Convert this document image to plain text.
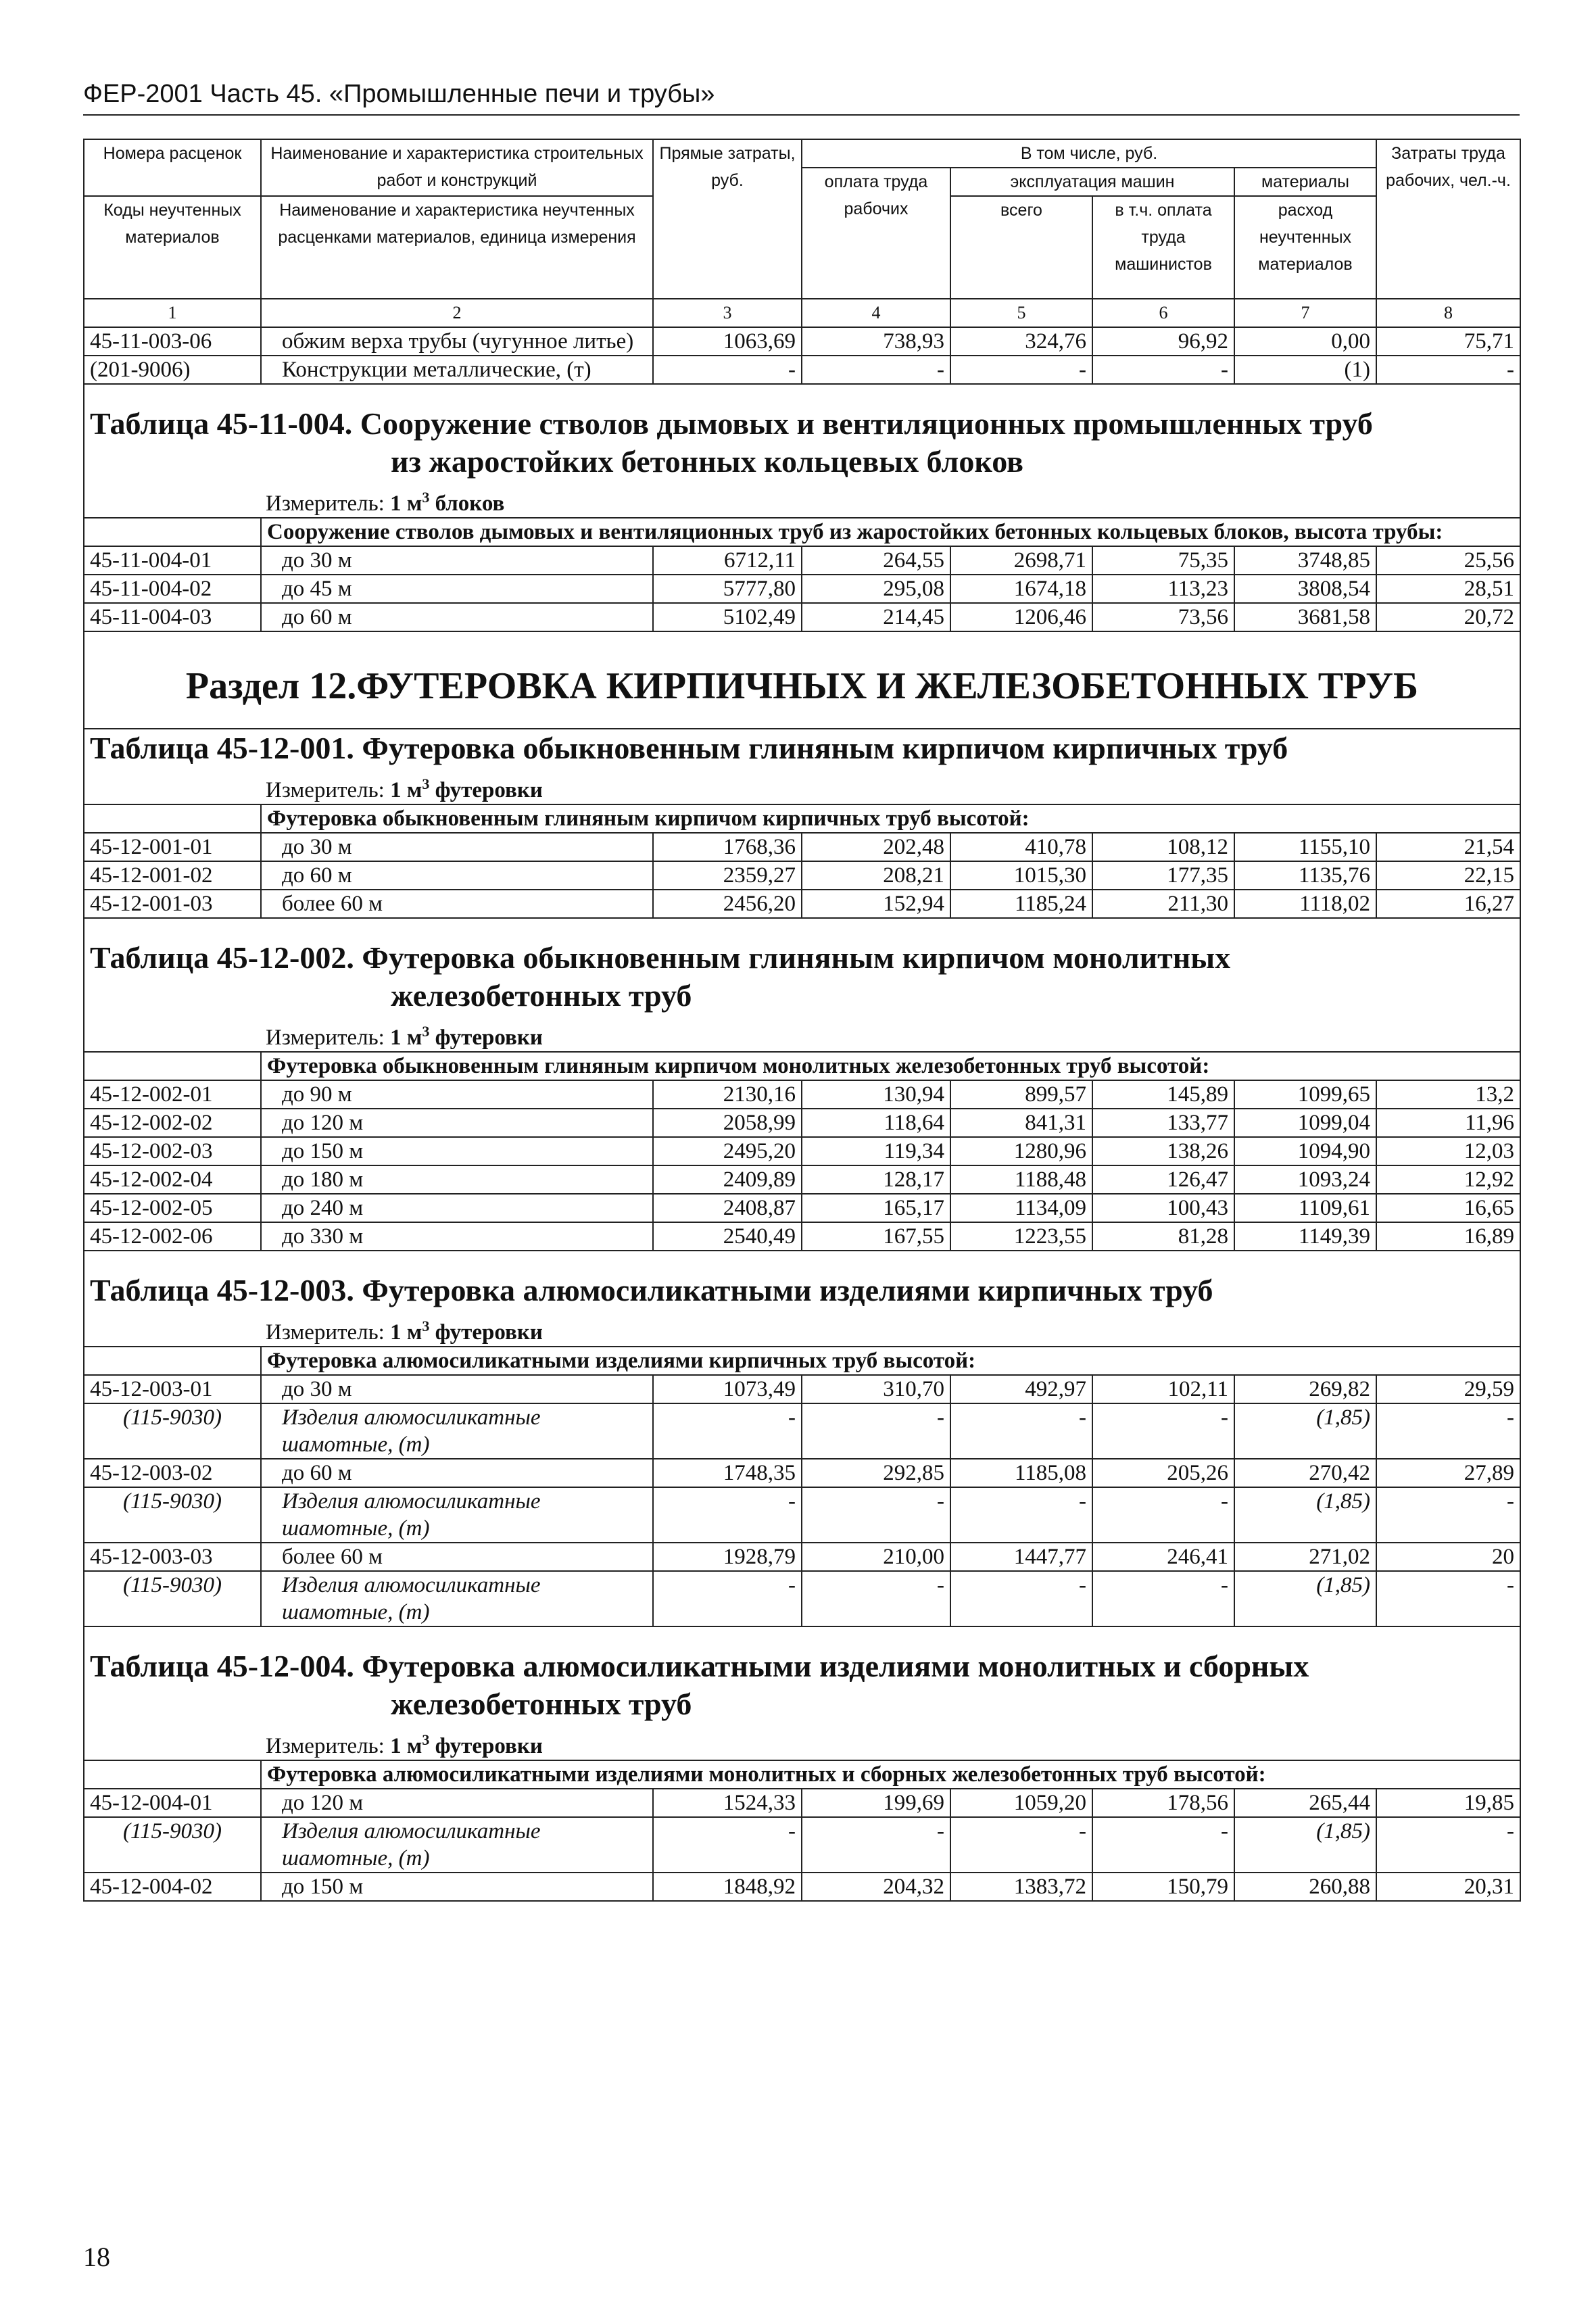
ФЕР-2001 Часть 45. «Промышленные печи и трубы»
Номера расценок	Наименование и характеристика строительных работ и конструкций	Прямые затраты, руб.	В том числе, руб.				Затраты труда рабочих, чел.-ч.
			оплата труда рабочих	эксплуатация машин		материалы	
Коды неучтенных материалов	Наименование и характеристика неучтенных расценками материалов, единица измерения			всего	в т.ч. оплата труда машинистов	расход неучтенных материалов	

1	2	3	4	5	6	7	8
45-11-003-06	обжим верха трубы (чугунное литье)	1063,69	738,93	324,76	96,92	0,00	75,71
(201-9006)	Конструкции металлические, (т)	-	-	-	-	(1)	-

Таблица 45-11-004. Сооружение стволов дымовых и вентиляционных промышленных труб
из жаростойких бетонных кольцевых блоков
Измеритель: 1 $м^3$ блоков							

	Сооружение стволов дымовых и вентиляционных труб из жаростойких бетонных кольцевых блоков, высота трубы:						
45-11-004-01	до 30 м	6712,11	264,55	2698,71	75,35	3748,85	25,56
45-11-004-02	до 45 м	5777,80	295,08	1674,18	113,23	3808,54	28,51
45-11-004-03	до 60 м	5102,49	214,45	1206,46	73,56	3681,58	20,72

Раздел 12.ФУТЕРОВКА КИРПИЧНЫХ И ЖЕЛЕЗОБЕТОННЫХ ТРУБ							

Таблица 45-12-001. Футеровка обыкновенным глиняным кирпичом кирпичных труб
Измеритель: 1 $м^3$ футеровки							

	Футеровка обыкновенным глиняным кирпичом кирпичных труб высотой:						
45-12-001-01	до 30 м	1768,36	202,48	410,78	108,12	1155,10	21,54
45-12-001-02	до 60 м	2359,27	208,21	1015,30	177,35	1135,76	22,15
45-12-001-03	более 60 м	2456,20	152,94	1185,24	211,30	1118,02	16,27

Таблица 45-12-002. Футеровка обыкновенным глиняным кирпичом монолитных
железобетонных труб
Измеритель: 1 $м^3$ футеровки							

	Футеровка обыкновенным глиняным кирпичом монолитных железобетонных труб высотой:						
45-12-002-01	до 90 м	2130,16	130,94	899,57	145,89	1099,65	13,2
45-12-002-02	до 120 м	2058,99	118,64	841,31	133,77	1099,04	11,96
45-12-002-03	до 150 м	2495,20	119,34	1280,96	138,26	1094,90	12,03
45-12-002-04	до 180 м	2409,89	128,17	1188,48	126,47	1093,24	12,92
45-12-002-05	до 240 м	2408,87	165,17	1134,09	100,43	1109,61	16,65
45-12-002-06	до 330 м	2540,49	167,55	1223,55	81,28	1149,39	16,89

Таблица 45-12-003. Футеровка алюмосиликатными изделиями кирпичных труб
Измеритель: 1 $м^3$ футеровки							

	Футеровка алюмосиликатными изделиями кирпичных труб высотой:						
45-12-003-01	до 30 м	1073,49	310,70	492,97	102,11	269,82	29,59
(115-9030)	Изделия алюмосиликатные шамотные, (т)	-	-	-	-	(1,85)	-
45-12-003-02	до 60 м	1748,35	292,85	1185,08	205,26	270,42	27,89
(115-9030)	Изделия алюмосиликатные шамотные, (т)	-	-	-	-	(1,85)	-
45-12-003-03	более 60 м	1928,79	210,00	1447,77	246,41	271,02	20
(115-9030)	Изделия алюмосиликатные шамотные, (т)	-	-	-	-	(1,85)	-

Таблица 45-12-004. Футеровка алюмосиликатными изделиями монолитных и сборных
железобетонных труб
Измеритель: 1 $м^3$ футеровки							

	Футеровка алюмосиликатными изделиями монолитных и сборных железобетонных труб высотой:						
45-12-004-01	до 120 м	1524,33	199,69	1059,20	178,56	265,44	19,85
(115-9030)	Изделия алюмосиликатные шамотные, (т)	-	-	-	-	(1,85)	-
45-12-004-02	до 150 м	1848,92	204,32	1383,72	150,79	260,88	20,31
18
